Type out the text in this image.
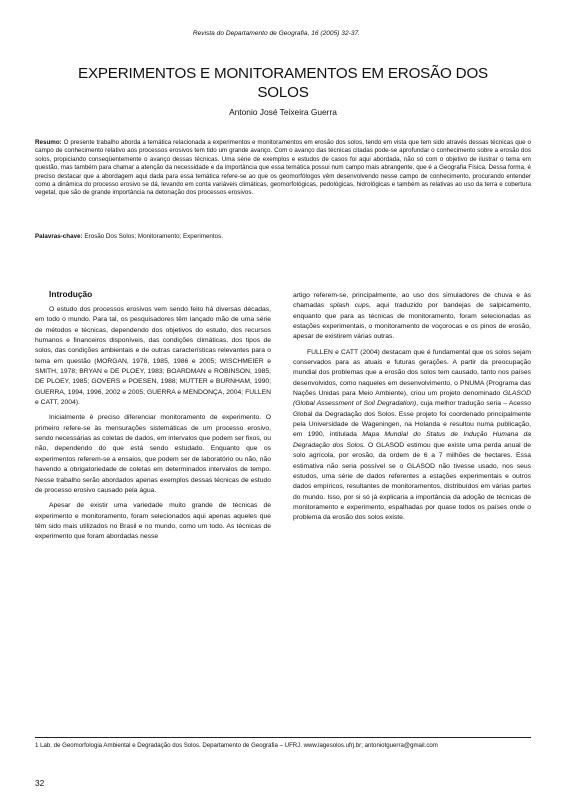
Revista do Departamento de Geografia, 16 (2005) 32-37.
EXPERIMENTOS E MONITORAMENTOS EM EROSÃO DOS SOLOS
Antonio José Teixeira Guerra
Resumo: O presente trabalho aborda a temática relacionada a experimentos e monitoramentos em erosão dos solos, tendo em vista que tem sido através dessas técnicas que o campo de conhecimento relativo aos processos erosivos tem tido um grande avanço. Com o avanço das técnicas citadas pode-se aprofundar o conhecimento sobre a erosão dos solos, propiciando conseqüentemente o avanço dessas técnicas. Uma série de exemplos e estudos de casos foi aqui abordada, não só com o objetivo de ilustrar o tema em questão, mas também para chamar a atenção da necessidade e da importância que essa temática possui num campo mais abrangente, que é a Geografia Física. Dessa forma, é preciso destacar que a abordagem aqui dada para essa temática refere-se ao que os geomorfólogos vêm desenvolvendo nesse campo de conhecimento, procurando entender como a dinâmica do processo erosivo se dá, levando em conta variáveis climáticas, geomorfológicas, pedológicas, hidrológicas e também as relativas ao uso da terra e cobertura vegetal, que são de grande importância na detonação dos processos erosivos.
Palavras-chave: Erosão Dos Solos; Monitoramento; Experimentos.

Introdução

O estudo dos processos erosivos vem sendo feito há diversas décadas, em todo o mundo. Para tal, os pesquisadores têm lançado mão de uma série de métodos e técnicas, dependendo dos objetivos do estudo, dos recursos humanos e financeiros disponíveis, das condições climáticas, dos tipos de solos, das condições ambientais e de outras características relevantes para o tema em questão (MORGAN, 1978, 1985, 1986 e 2005; WISCHMEIER e SMITH, 1978; BRYAN e DE PLOEY, 1983; BOARDMAN e ROBINSON, 1985; DE PLOEY, 1985; GOVERS e POESEN, 1988; MUTTER e BURNHAM, 1990; GUERRA, 1994, 1996, 2002 e 2005; GUERRA e MENDONÇA, 2004; FULLEN e CATT, 2004).

Inicialmente é preciso diferenciar monitoramento de experimento. O primeiro refere-se às mensurações sistemáticas de um processo erosivo, sendo necessárias as coletas de dados, em intervalos que podem ser fixos, ou não, dependendo do que está sendo estudado. Enquanto que os experimentos referem-se a ensaios, que podem ser de laboratório ou não, não havendo a obrigatoriedade de coletas em determinados intervalos de tempo. Nesse trabalho serão abordados apenas exemplos dessas técnicas de estudo de processo erosivo causado pela água.

Apesar de existir uma variedade muito grande de técnicas de experimento e monitoramento, foram selecionados aqui apenas aqueles que têm sido mais utilizados no Brasil e no mundo, como um todo. As técnicas de experimento que foram abordadas nesse

artigo referem-se, principalmente, ao uso dos simuladores de chuva e às chamadas splash cups, aqui traduzido por bandejas de salpicamento, enquanto que para as técnicas de monitoramento, foram selecionadas as estações experimentais, o monitoramento de voçorocas e os pinos de erosão, apesar de existirem várias outras.

FULLEN e CATT (2004) destacam que é fundamental que os solos sejam conservados para as atuais e futuras gerações. A partir da preocupação mundial dos problemas que a erosão dos solos tem causado, tanto nos países desenvolvidos, como naqueles em desenvolvimento, o PNUMA (Programa das Nações Unidas para Meio Ambiente), criou um projeto denominado GLASOD (Global Assessment of Soil Degradation), cuja melhor tradução seria – Acesso Global da Degradação dos Solos. Esse projeto foi coordenado principalmente pela Universidade de Wageningen, na Holanda e resultou numa publicação, em 1990, intitulada Mapa Mundial do Status de Indução Humana da Degradação dos Solos. O GLASOD estimou que existe uma perda anual de solo agrícola, por erosão, da ordem de 6 a 7 milhões de hectares. Essa estimativa não seria possível se o GLASOD não tivesse usado, nos seus estudos, uma série de dados referentes a estações experimentais e outros dados empíricos, resultantes de monitoramentos, distribuídos em várias partes do mundo. Isso, por si só já explicaria a importância da adoção de técnicas de monitoramento e experimento, espalhadas por quase todos os países onde o problema da erosão dos solos existe.

1 Lab. de Geomorfologia Ambiental e Degradação dos Solos. Departamento de Geografia – UFRJ. www.lagesolos.ufrj.br; antoniotguerra@gmail.com
32
